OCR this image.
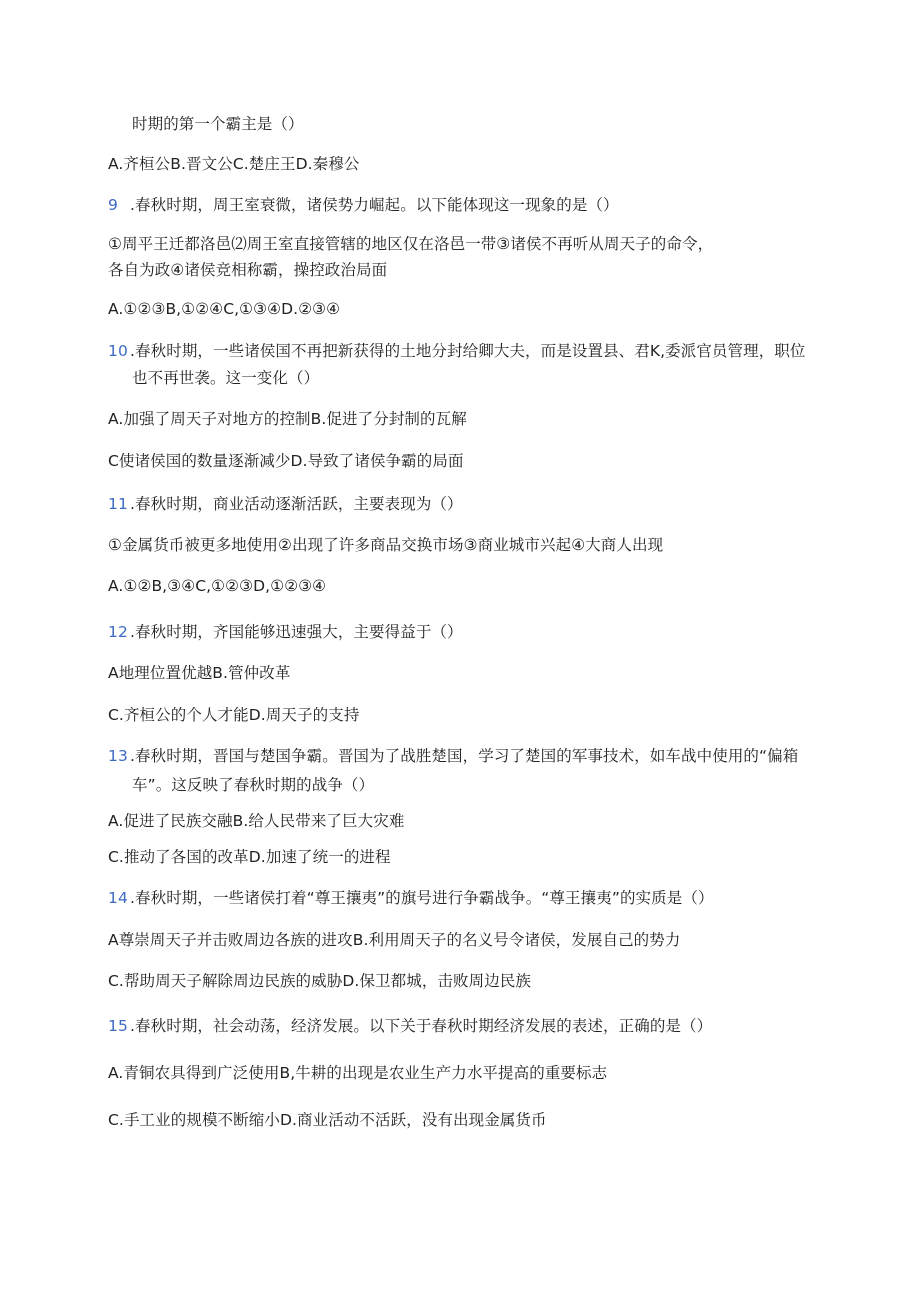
时期的第一个霸主是（）
A.齐桓公B.晋文公C.楚庄王D.秦穆公
9 .春秋时期，周王室衰微，诸侯势力崛起。以下能体现这一现象的是（）
①周平王迁都洛邑⑵周王室直接管辖的地区仅在洛邑一带③诸侯不再听从周天子的命令，
各自为政④诸侯竞相称霸，操控政治局面
A.①②③B,①②④C,①③④D.②③④
10 .春秋时期，一些诸侯国不再把新获得的土地分封给卿大夫，而是设置县、君K,委派官员管理，职位
也不再世袭。这一变化（）
A.加强了周天子对地方的控制B.促进了分封制的瓦解
C使诸侯国的数量逐渐减少D.导致了诸侯争霸的局面
11 .春秋时期，商业活动逐渐活跃，主要表现为（）
①金属货币被更多地使用②出现了许多商品交换市场③商业城市兴起④大商人出现
A.①②B,③④C,①②③D,①②③④
12 .春秋时期，齐国能够迅速强大，主要得益于（）
A地理位置优越B.管仲改革
C.齐桓公的个人才能D.周天子的支持
13 .春秋时期，晋国与楚国争霸。晋国为了战胜楚国，学习了楚国的军事技术，如车战中使用的“偏箱
车”。这反映了春秋时期的战争（）
A.促进了民族交融B.给人民带来了巨大灾难
C.推动了各国的改革D.加速了统一的进程
14 .春秋时期，一些诸侯打着“尊王攘夷”的旗号进行争霸战争。“尊王攘夷”的实质是（）
A尊崇周天子并击败周边各族的进攻B.利用周天子的名义号令诸侯，发展自己的势力
C.帮助周天子解除周边民族的威胁D.保卫都城，击败周边民族
15 .春秋时期，社会动荡，经济发展。以下关于春秋时期经济发展的表述，正确的是（）
A.青铜农具得到广泛使用B,牛耕的出现是农业生产力水平提高的重要标志
C.手工业的规模不断缩小D.商业活动不活跃，没有出现金属货币
